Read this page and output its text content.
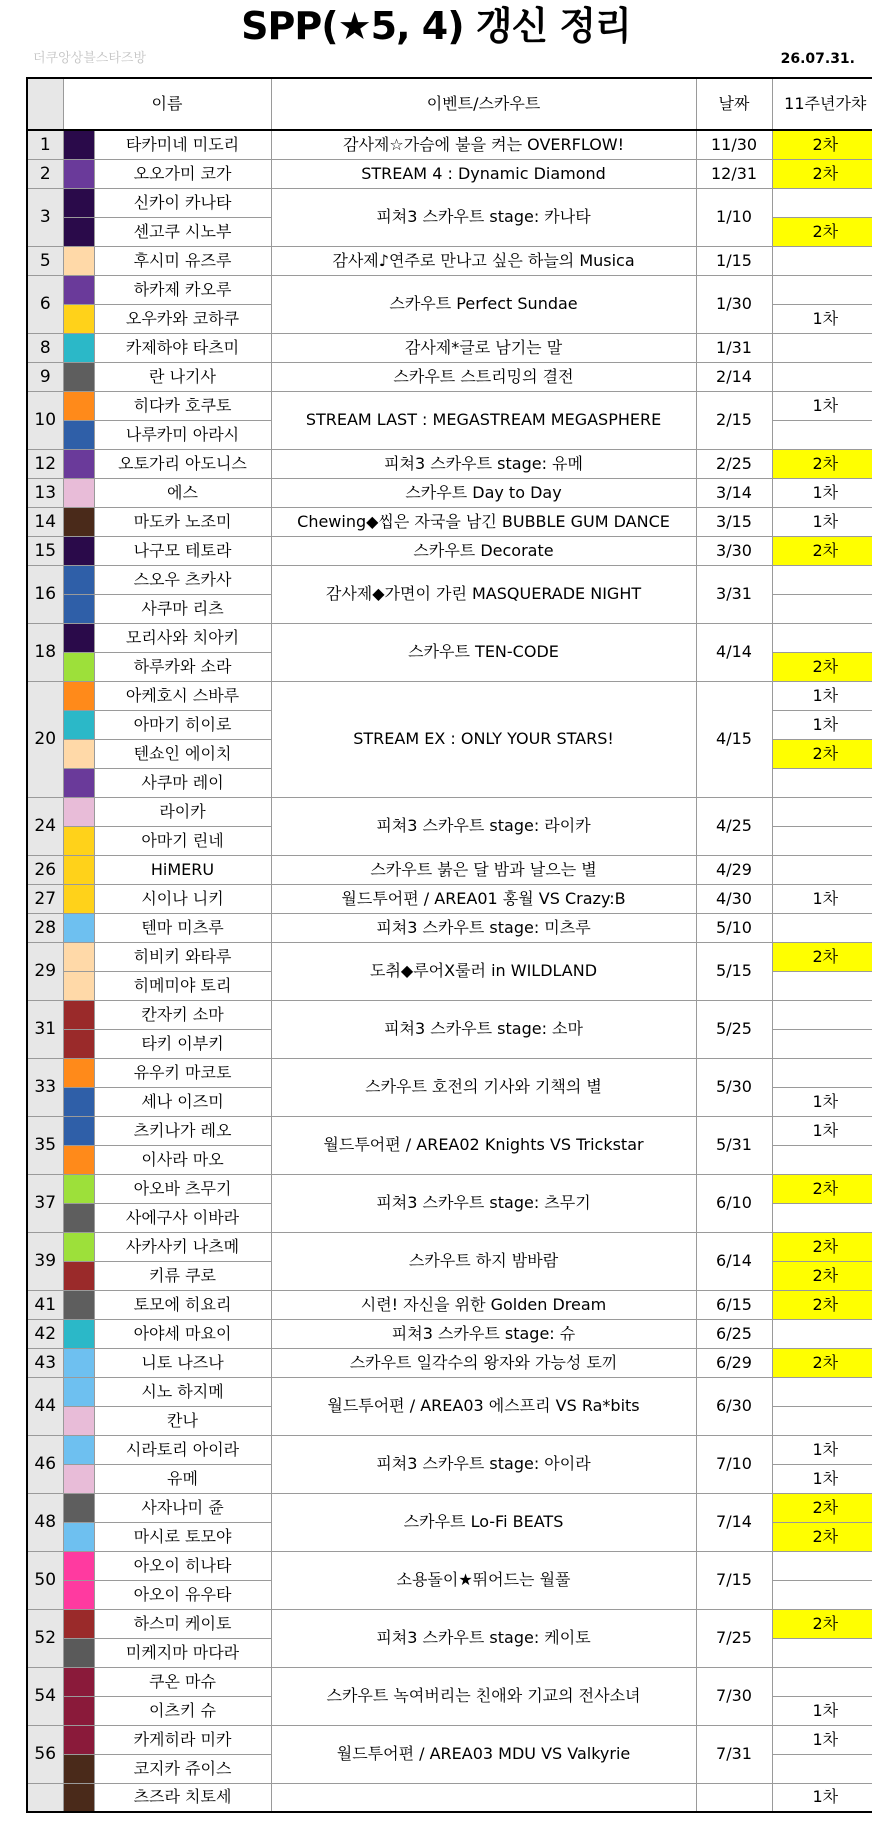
SPP(★5, 4) 갱신 정리
더쿠앙상블스타즈방	26.07.31.
	이름		이벤트/스카우트	날짜	11주년가챠
1		타카미네 미도리	감사제☆가슴에 불을 켜는 OVERFLOW!	11/30	2차
2		오오가미 코가	STREAM 4 : Dynamic Diamond	12/31	2차
3		신카이 카나타	피쳐3 스카우트 stage: 카나타	1/10	
		센고쿠 시노부			2차
5		후시미 유즈루	감사제♪연주로 만나고 싶은 하늘의 Musica	1/15	
6		하카제 카오루	스카우트 Perfect Sundae	1/30	
		오우카와 코하쿠			1차
8		카제하야 타츠미	감사제*글로 남기는 말	1/31	
9		란 나기사	스카우트 스트리밍의 결전	2/14	
10		히다카 호쿠토	STREAM LAST : MEGASTREAM MEGASPHERE	2/15	1차
		나루카미 아라시			
12		오토가리 아도니스	피쳐3 스카우트 stage: 유메	2/25	2차
13		에스	스카우트 Day to Day	3/14	1차
14		마도카 노조미	Chewing◆씹은 자국을 남긴 BUBBLE GUM DANCE	3/15	1차
15		나구모 테토라	스카우트 Decorate	3/30	2차
16		스오우 츠카사	감사제◆가면이 가린 MASQUERADE NIGHT	3/31	
		사쿠마 리츠			
18		모리사와 치아키	스카우트 TEN-CODE	4/14	
		하루카와 소라			2차
20		아케호시 스바루	STREAM EX : ONLY YOUR STARS!	4/15	1차
		아마기 히이로			1차
		텐쇼인 에이치			2차
		사쿠마 레이			
24		라이카	피쳐3 스카우트 stage: 라이카	4/25	
		아마기 린네			
26		HiMERU	스카우트 붉은 달 밤과 날으는 별	4/29	
27		시이나 니키	월드투어편 / AREA01 홍월 VS Crazy:B	4/30	1차
28		텐마 미츠루	피쳐3 스카우트 stage: 미츠루	5/10	
29		히비키 와타루	도취◆루어X룰러 in WILDLAND	5/15	2차
		히메미야 토리			
31		칸자키 소마	피쳐3 스카우트 stage: 소마	5/25	
		타키 이부키			
33		유우키 마코토	스카우트 호전의 기사와 기책의 별	5/30	
		세나 이즈미			1차
35		츠키나가 레오	월드투어편 / AREA02 Knights VS Trickstar	5/31	1차
		이사라 마오			
37		아오바 츠무기	피쳐3 스카우트 stage: 츠무기	6/10	2차
		사에구사 이바라			
39		사카사키 나츠메	스카우트 하지 밤바람	6/14	2차
		키류 쿠로			2차
41		토모에 히요리	시련! 자신을 위한 Golden Dream	6/15	2차
42		아야세 마요이	피쳐3 스카우트 stage: 슈	6/25	
43		니토 나즈나	스카우트 일각수의 왕자와 가능성 토끼	6/29	2차
44		시노 하지메	월드투어편 / AREA03 에스프리 VS Ra*bits	6/30	
		칸나			
46		시라토리 아이라	피쳐3 스카우트 stage: 아이라	7/10	1차
		유메			1차
48		사자나미 쥰	스카우트 Lo-Fi BEATS	7/14	2차
		마시로 토모야			2차
50		아오이 히나타	소용돌이★뛰어드는 월풀	7/15	
		아오이 유우타			
52		하스미 케이토	피쳐3 스카우트 stage: 케이토	7/25	2차
		미케지마 마다라			
54		쿠온 마슈	스카우트 녹여버리는 친애와 기교의 전사소녀	7/30	
		이츠키 슈			1차
56		카게히라 미카	월드투어편 / AREA03 MDU VS Valkyrie	7/31	1차
		코지카 쥬이스			
		츠즈라 치토세			1차
